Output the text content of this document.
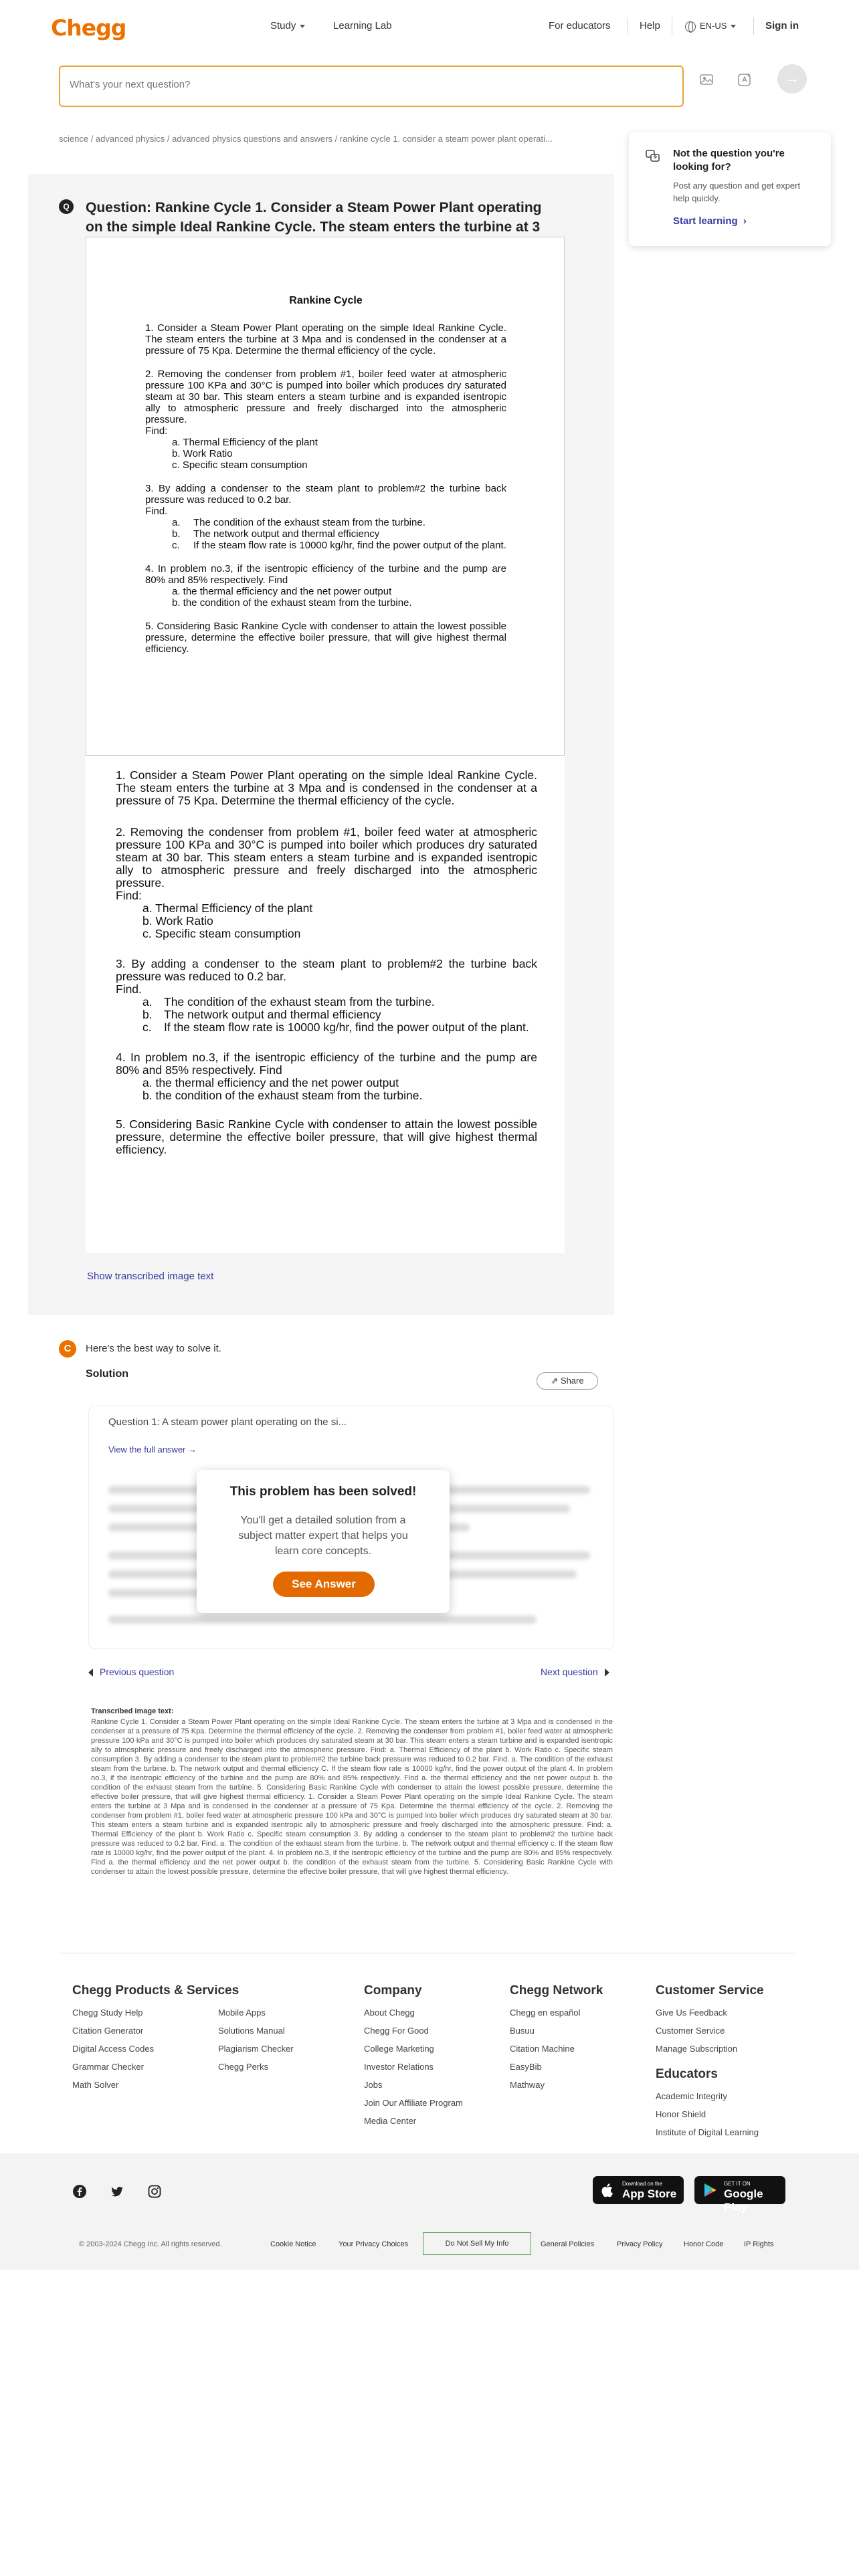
Chegg	Study	Learning Lab	For educators	Help	EN-US	Sign in
What's your next question?
→
science / advanced physics / advanced physics questions and answers / rankine cycle 1. consider a steam power plant operati...
Not the question you're looking for?
Post any question and get expert help quickly.
Start learning ›
Q	Question: Rankine Cycle 1. Consider a Steam Power Plant operating on the simple Ideal Rankine Cycle. The steam enters the turbine at 3
Rankine Cycle

1. Consider a Steam Power Plant operating on the simple Ideal Rankine Cycle. The steam enters the turbine at 3 Mpa and is condensed in the condenser at a pressure of 75 Kpa. Determine the thermal efficiency of the cycle.

2. Removing the condenser from problem #1, boiler feed water at atmospheric pressure 100 KPa and 30°C is pumped into boiler which produces dry saturated steam at 30 bar. This steam enters a steam turbine and is expanded isentropic ally to atmospheric pressure and freely discharged into the atmospheric pressure.

Find:
a. Thermal Efficiency of the plant
b. Work Ratio
c. Specific steam consumption

3. By adding a condenser to the steam plant to problem#2 the turbine back pressure was reduced to 0.2 bar.

Find.
a.	The condition of the exhaust steam from the turbine.
b.	The network output and thermal efficiency
c.	If the steam flow rate is 10000 kg/hr, find the power output of the plant.

4. In problem no.3, if the isentropic efficiency of the turbine and the pump are 80% and 85% respectively. Find

a. the thermal efficiency and the net power output
b. the condition of the exhaust steam from the turbine.

5. Considering Basic Rankine Cycle with condenser to attain the lowest possible pressure, determine the effective boiler pressure, that will give highest thermal efficiency.

1. Consider a Steam Power Plant operating on the simple Ideal Rankine Cycle. The steam enters the turbine at 3 Mpa and is condensed in the condenser at a pressure of 75 Kpa. Determine the thermal efficiency of the cycle.

2. Removing the condenser from problem #1, boiler feed water at atmospheric pressure 100 KPa and 30°C is pumped into boiler which produces dry saturated steam at 30 bar. This steam enters a steam turbine and is expanded isentropic ally to atmospheric pressure and freely discharged into the atmospheric pressure.

Find:
a. Thermal Efficiency of the plant
b. Work Ratio
c. Specific steam consumption

3. By adding a condenser to the steam plant to problem#2 the turbine back pressure was reduced to 0.2 bar.

Find.
a. The condition of the exhaust steam from the turbine.
b. The network output and thermal efficiency
c.	If the steam flow rate is 10000 kg/hr, find the power output of the plant.

4. In problem no.3, if the isentropic efficiency of the turbine and the pump are 80% and 85% respectively. Find

a. the thermal efficiency and the net power output
b. the condition of the exhaust steam from the turbine.

5. Considering Basic Rankine Cycle with condenser to attain the lowest possible pressure, determine the effective boiler pressure, that will give highest thermal efficiency.

Show transcribed image text
C	Here's the best way to solve it.
Solution
⇗ Share
Question 1: A steam power plant operating on the si...
View the full answer →
This problem has been solved!
You'll get a detailed solution from a subject matter expert that helps you learn core concepts.
See Answer
Previous question	Next question
Transcribed image text:
Rankine Cycle 1. Consider a Steam Power Plant operating on the simple Ideal Rankine Cycle. The steam enters the turbine at 3 Mpa and is condensed in the condenser at a pressure of 75 Kpa. Determine the thermal efficiency of the cycle. 2. Removing the condenser from problem #1, boiler feed water at atmospheric pressure 100 kPa and 30°C is pumped into boiler which produces dry saturated steam at 30 bar. This steam enters a steam turbine and is expanded isentropic ally to atmospheric pressure and freely discharged into the atmospheric pressure. Find: a. Thermal Efficiency of the plant b. Work Ratio c. Specific steam consumption 3. By adding a condenser to the steam plant to problem#2 the turbine back pressure was reduced to 0.2 bar. Find. a. The condition of the exhaust steam from the turbine. b. The network output and thermal efficiency C. If the steam flow rate is 10000 kg/hr, find the power output of the plant 4. In problem no.3, if the isentropic efficiency of the turbine and the pump are 80% and 85% respectively. Find a. the thermal efficiency and the net power output b. the condition of the exhaust steam from the turbine. 5. Considering Basic Rankine Cycle with condenser to attain the lowest possible pressure, determine the effective boiler pressure, that will give highest thermal efficiency. 1. Consider a Steam Power Plant operating on the simple Ideal Rankine Cycle. The steam enters the turbine at 3 Mpa and is condensed in the condenser at a pressure of 75 Kpa. Determine the thermal efficiency of the cycle. 2. Removing the condenser from problem #1, boiler feed water at atmospheric pressure 100 kPa and 30°C is pumped into boiler which produces dry saturated steam at 30 bar. This steam enters a steam turbine and is expanded isentropic ally to atmospheric pressure and freely discharged into the atmospheric pressure. Find: a. Thermal Efficiency of the plant b. Work Ratio c. Specific steam consumption 3. By adding a condenser to the steam plant to problem#2 the turbine back pressure was reduced to 0.2 bar. Find. a. The condition of the exhaust steam from the turbine. b. The network output and thermal efficiency c. If the steam flow rate is 10000 kg/hr, find the power output of the plant. 4. In problem no.3, if the isentropic efficiency of the turbine and the pump are 80% and 85% respectively. Find a. the thermal efficiency and the net power output b. the condition of the exhaust steam from the turbine. 5. Considering Basic Rankine Cycle with condenser to attain the lowest possible pressure, determine the effective boiler pressure, that will give highest thermal efficiency.
Chegg Products & Services
Chegg Study Help
Citation Generator
Digital Access Codes
Grammar Checker
Math Solver
Mobile Apps
Solutions Manual
Plagiarism Checker
Chegg Perks
Company
About Chegg
Chegg For Good
College Marketing
Investor Relations
Jobs
Join Our Affiliate Program
Media Center
Chegg Network
Chegg en español
Busuu
Citation Machine
EasyBib
Mathway
Customer Service
Give Us Feedback
Customer Service
Manage Subscription
Educators
Academic Integrity
Honor Shield
Institute of Digital Learning
Download on the
App Store
GET IT ON
Google Play
© 2003-2024 Chegg Inc. All rights reserved.	Cookie Notice	Your Privacy Choices	Do Not Sell My Info	General Policies	Privacy Policy	Honor Code	IP Rights
